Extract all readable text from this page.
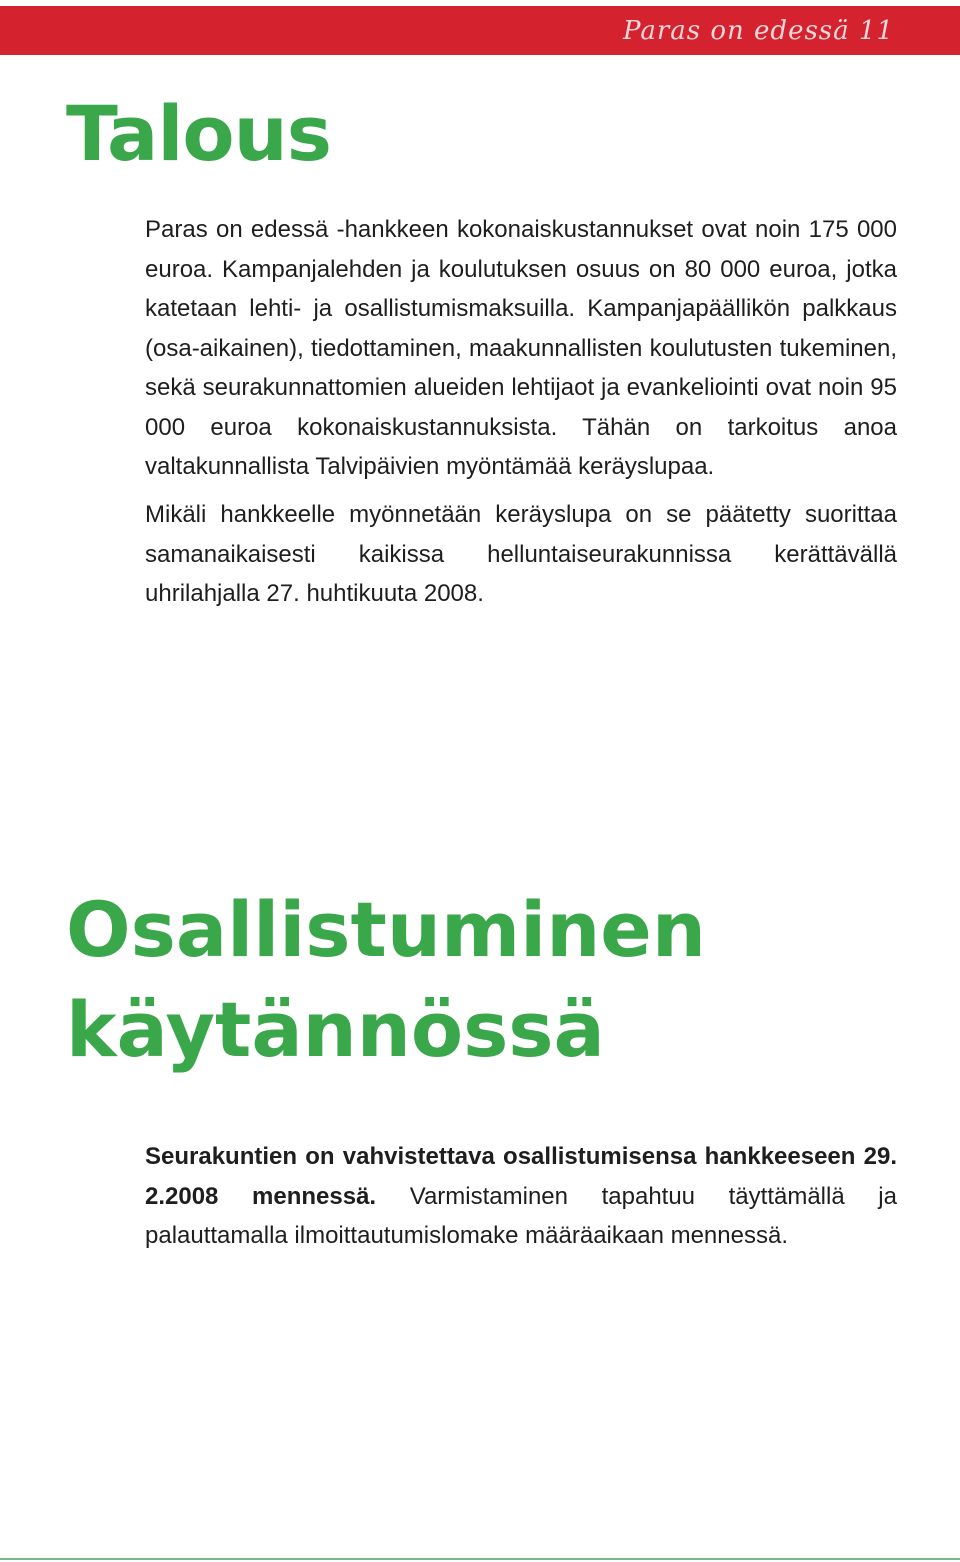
Paras on edessä 11
Talous

Paras on edessä -hankkeen kokonaiskustannukset ovat noin 175 000 euroa. Kampanjalehden ja koulutuksen osuus on 80 000 euroa, jotka katetaan lehti- ja osallistumismaksuilla. Kampanjapäällikön palkkaus (osa-aikainen), tiedottaminen, maakunnallisten koulutusten tukeminen, sekä seurakunnattomien alueiden lehtijaot ja evankeliointi ovat noin 95 000 euroa kokonaiskustannuksista. Tähän on tarkoitus anoa valtakunnallista Talvipäivien myöntämää keräyslupaa.

Mikäli hankkeelle myönnetään keräyslupa on se päätetty suorittaa samanaikaisesti kaikissa helluntaiseurakunnissa kerättävällä uhrilahjalla 27. huhtikuuta 2008.

Osallistuminen
käytännössä

Seurakuntien on vahvistettava osallistumisensa hankkeeseen 29. 2.2008 mennessä. Varmistaminen tapahtuu täyttämällä ja palauttamalla ilmoittautumislomake määräaikaan mennessä.
